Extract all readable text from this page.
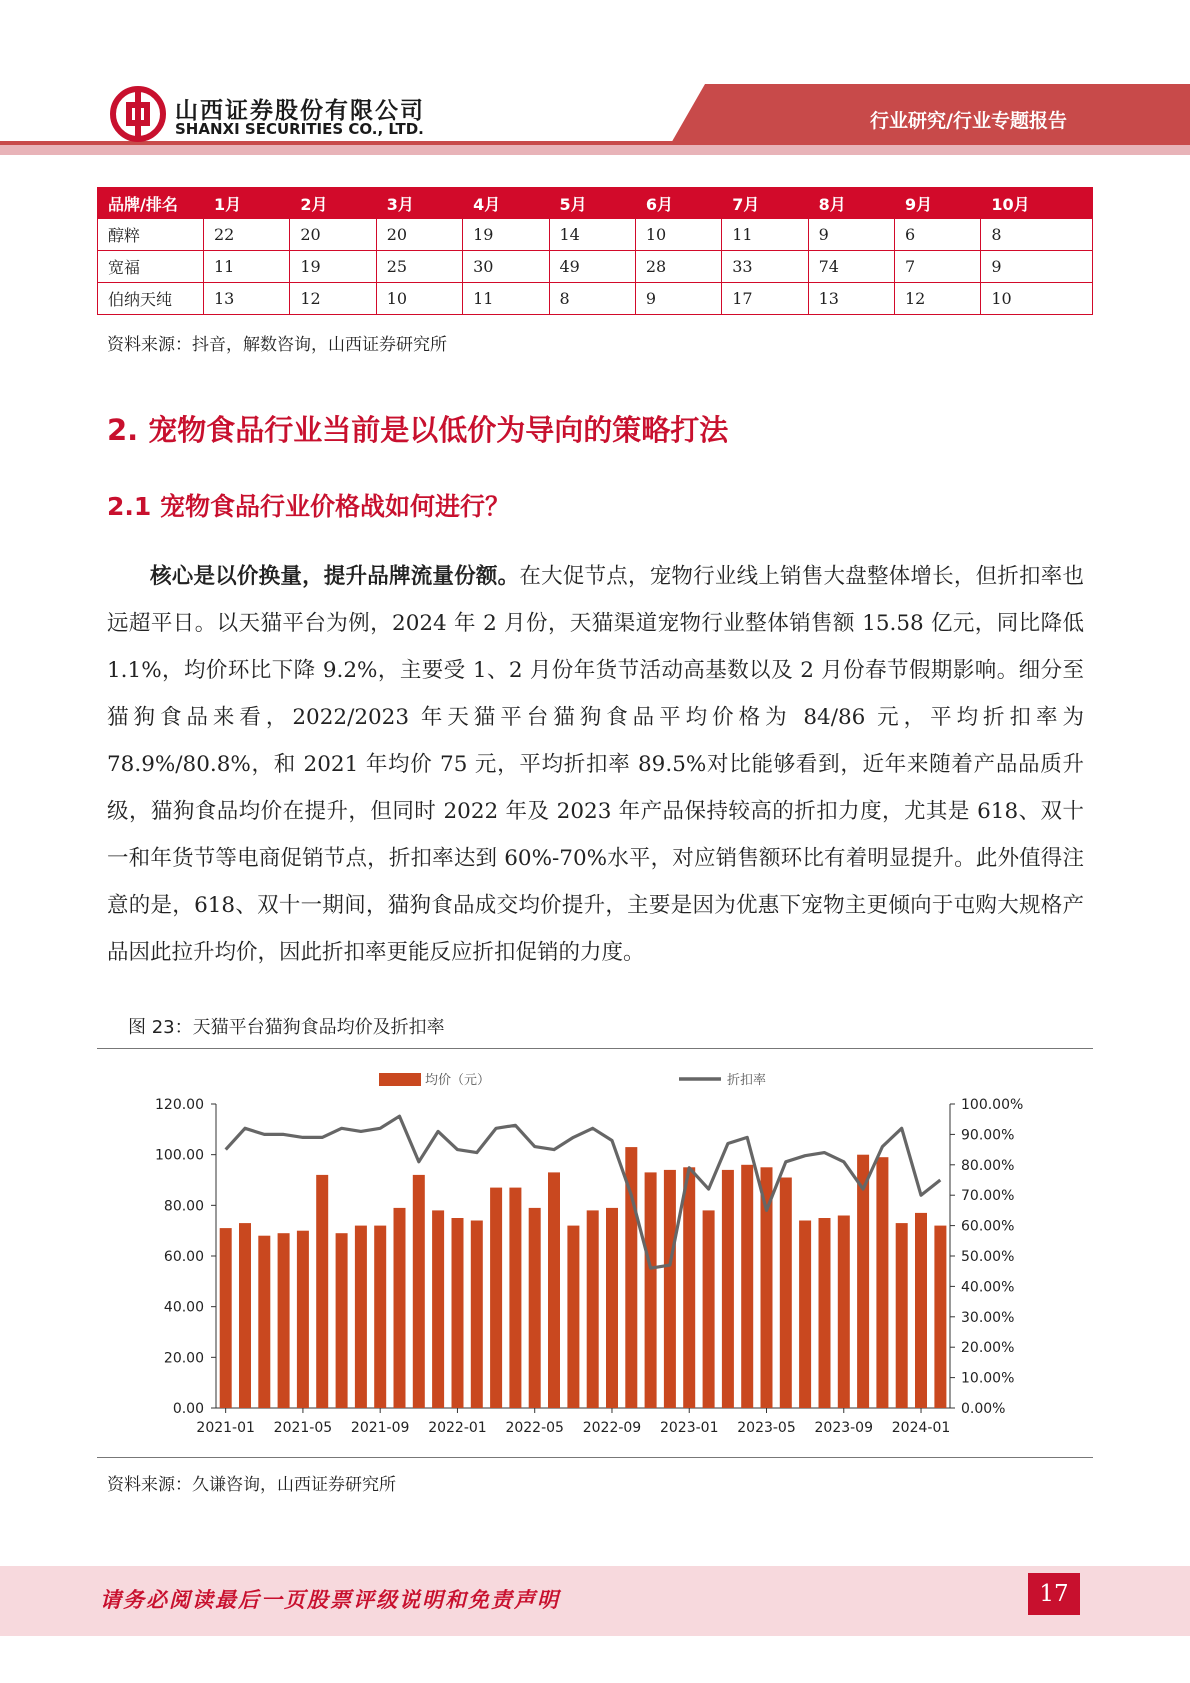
山西证券股份有限公司
SHANXI SECURITIES CO., LTD.	行业研究/行业专题报告
品牌/排名	1月	2月	3月	4月	5月	6月	7月	8月	9月	10月
醇粹	22	20	20	19	14	10	11	9	6	8
宽福	11	19	25	30	49	28	33	74	7	9
伯纳天纯	13	12	10	11	8	9	17	13	12	10
资料来源：抖音，解数咨询，山西证券研究所
2. 宠物食品行业当前是以低价为导向的策略打法
2.1 宠物食品行业价格战如何进行？
核心是以价换量，提升品牌流量份额。在大促节点，宠物行业线上销售大盘整体增长，但折扣率也远超平日。以天猫平台为例，2024 年 2 月份，天猫渠道宠物行业整体销售额 15.58 亿元，同比降低 1.1%，均价环比下降 9.2%，主要受 1、2 月份年货节活动高基数以及 2 月份春节假期影响。细分至猫狗食品来看，2022/2023 年天猫平台猫狗食品平均价格为 84/86 元，平均折扣率为 78.9%/80.8%，和 2021 年均价 75 元，平均折扣率 89.5%对比能够看到，近年来随着产品品质升级，猫狗食品均价在提升，但同时 2022 年及 2023 年产品保持较高的折扣力度，尤其是 618、双十一和年货节等电商促销节点，折扣率达到 60%-70%水平，对应销售额环比有着明显提升。此外值得注意的是，618、双十一期间，猫狗食品成交均价提升，主要是因为优惠下宠物主更倾向于屯购大规格产品因此拉升均价，因此折扣率更能反应折扣促销的力度。
图 23：天猫平台猫狗食品均价及折扣率
均价（元）	折扣率
0.00
20.00
40.00
60.00
80.00
100.00
120.00
0.00%
10.00%
20.00%
30.00%
40.00%
50.00%
60.00%
70.00%
80.00%
90.00%
100.00%
2021-01 2021-05 2021-09 2022-01 2022-05 2022-09 2023-01 2023-05 2023-09 2024-01
资料来源：久谦咨询，山西证券研究所
请务必阅读最后一页股票评级说明和免责声明	17
